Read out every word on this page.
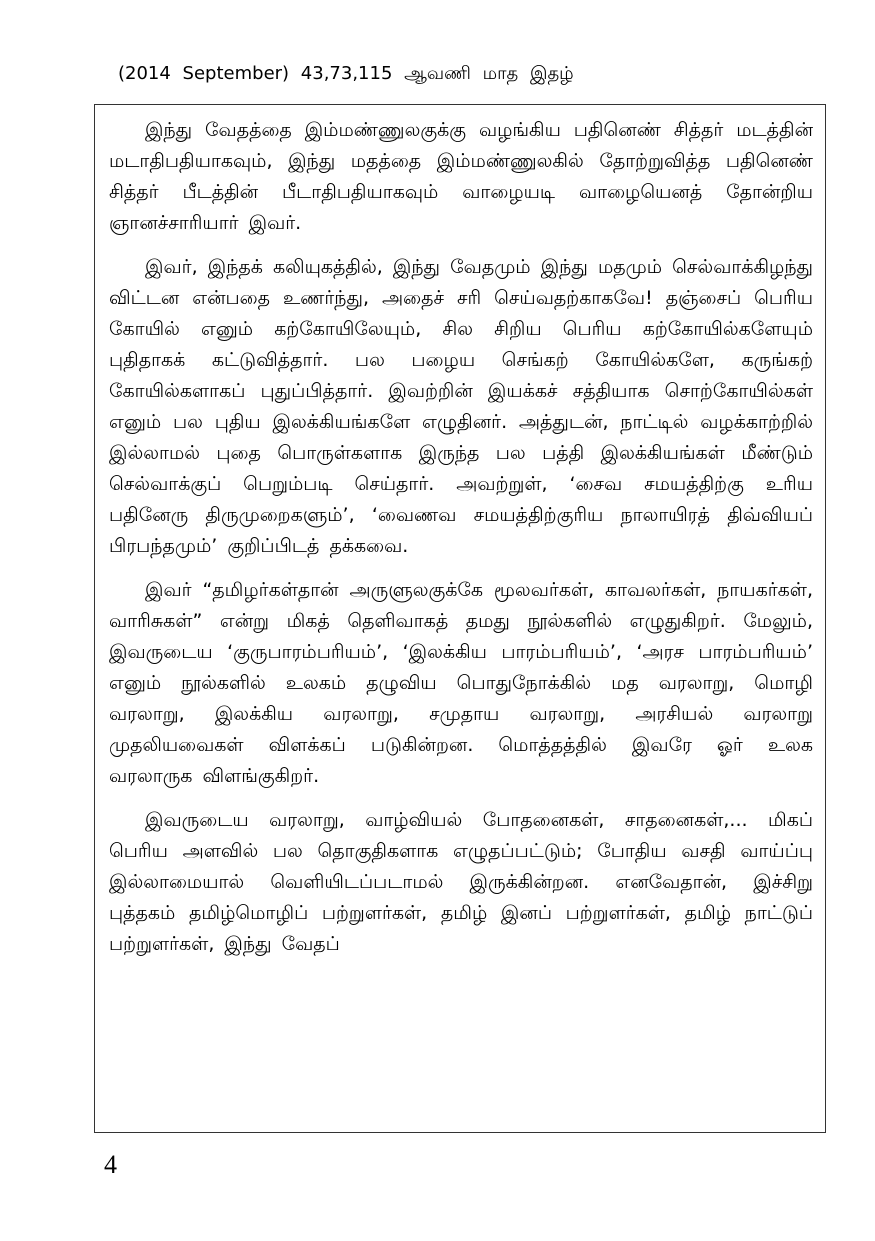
(2014 September) 43,73,115 ஆவணி மாத இதழ்

இந்து வேதத்தை இம்மண்ணுலகுக்கு வழங்கிய பதினெண் சித்தர் மடத்தின் மடாதிபதியாகவும், இந்து மதத்தை இம்மண்ணுலகில் தோற்றுவித்த பதினெண் சித்தர் பீடத்தின் பீடாதிபதியாகவும் வாழையடி வாழையெனத் தோன்றிய ஞானச்சாரியார் இவர்.

இவர், இந்தக் கலியுகத்தில், இந்து வேதமும் இந்து மதமும் செல்வாக்கிழந்து விட்டன என்பதை உணர்ந்து, அதைச் சரி செய்வதற்காகவே! தஞ்சைப் பெரிய கோயில் எனும் கற்கோயிலேயும், சில சிறிய பெரிய கற்கோயில்களேயும் புதிதாகக் கட்டுவித்தார். பல பழைய செங்கற் கோயில்களே, கருங்கற் கோயில்களாகப் புதுப்பித்தார். இவற்றின் இயக்கச் சத்தியாக சொற்கோயில்கள் எனும் பல புதிய இலக்கியங்களே எழுதினர். அத்துடன், நாட்டில் வழக்காற்றில் இல்லாமல் புதை பொருள்களாக இருந்த பல பத்தி இலக்கியங்கள் மீண்டும் செல்வாக்குப் பெறும்படி செய்தார். அவற்றுள், ‘சைவ சமயத்திற்கு உரிய பதினேரு திருமுறைகளும்’, ‘வைணவ சமயத்திற்குரிய நாலாயிரத் திவ்வியப் பிரபந்தமும்’ குறிப்பிடத் தக்கவை.

இவர் “தமிழர்கள்தான் அருளுலகுக்கே மூலவர்கள், காவலர்கள், நாயகர்கள், வாரிசுகள்” என்று மிகத் தெளிவாகத் தமது நூல்களில் எழுதுகிறர். மேலும், இவருடைய ‘குருபாரம்பரியம்’, ‘இலக்கிய பாரம்பரியம்’, ‘அரச பாரம்பரியம்’ எனும் நூல்களில் உலகம் தழுவிய பொதுநோக்கில் மத வரலாறு, மொழி வரலாறு, இலக்கிய வரலாறு, சமுதாய வரலாறு, அரசியல் வரலாறு முதலியவைகள் விளக்கப் படுகின்றன. மொத்தத்தில் இவரே ஓர் உலக வரலாருக விளங்குகிறர்.

இவருடைய வரலாறு, வாழ்வியல் போதனைகள், சாதனைகள்,... மிகப் பெரிய அளவில் பல தொகுதிகளாக எழுதப்பட்டும்; போதிய வசதி வாய்ப்பு இல்லாமையால் வெளியிடப்படாமல் இருக்கின்றன. எனவேதான், இச்சிறு புத்தகம் தமிழ்மொழிப் பற்றுளர்கள், தமிழ் இனப் பற்றுளர்கள், தமிழ் நாட்டுப் பற்றுளர்கள், இந்து வேதப்

4
